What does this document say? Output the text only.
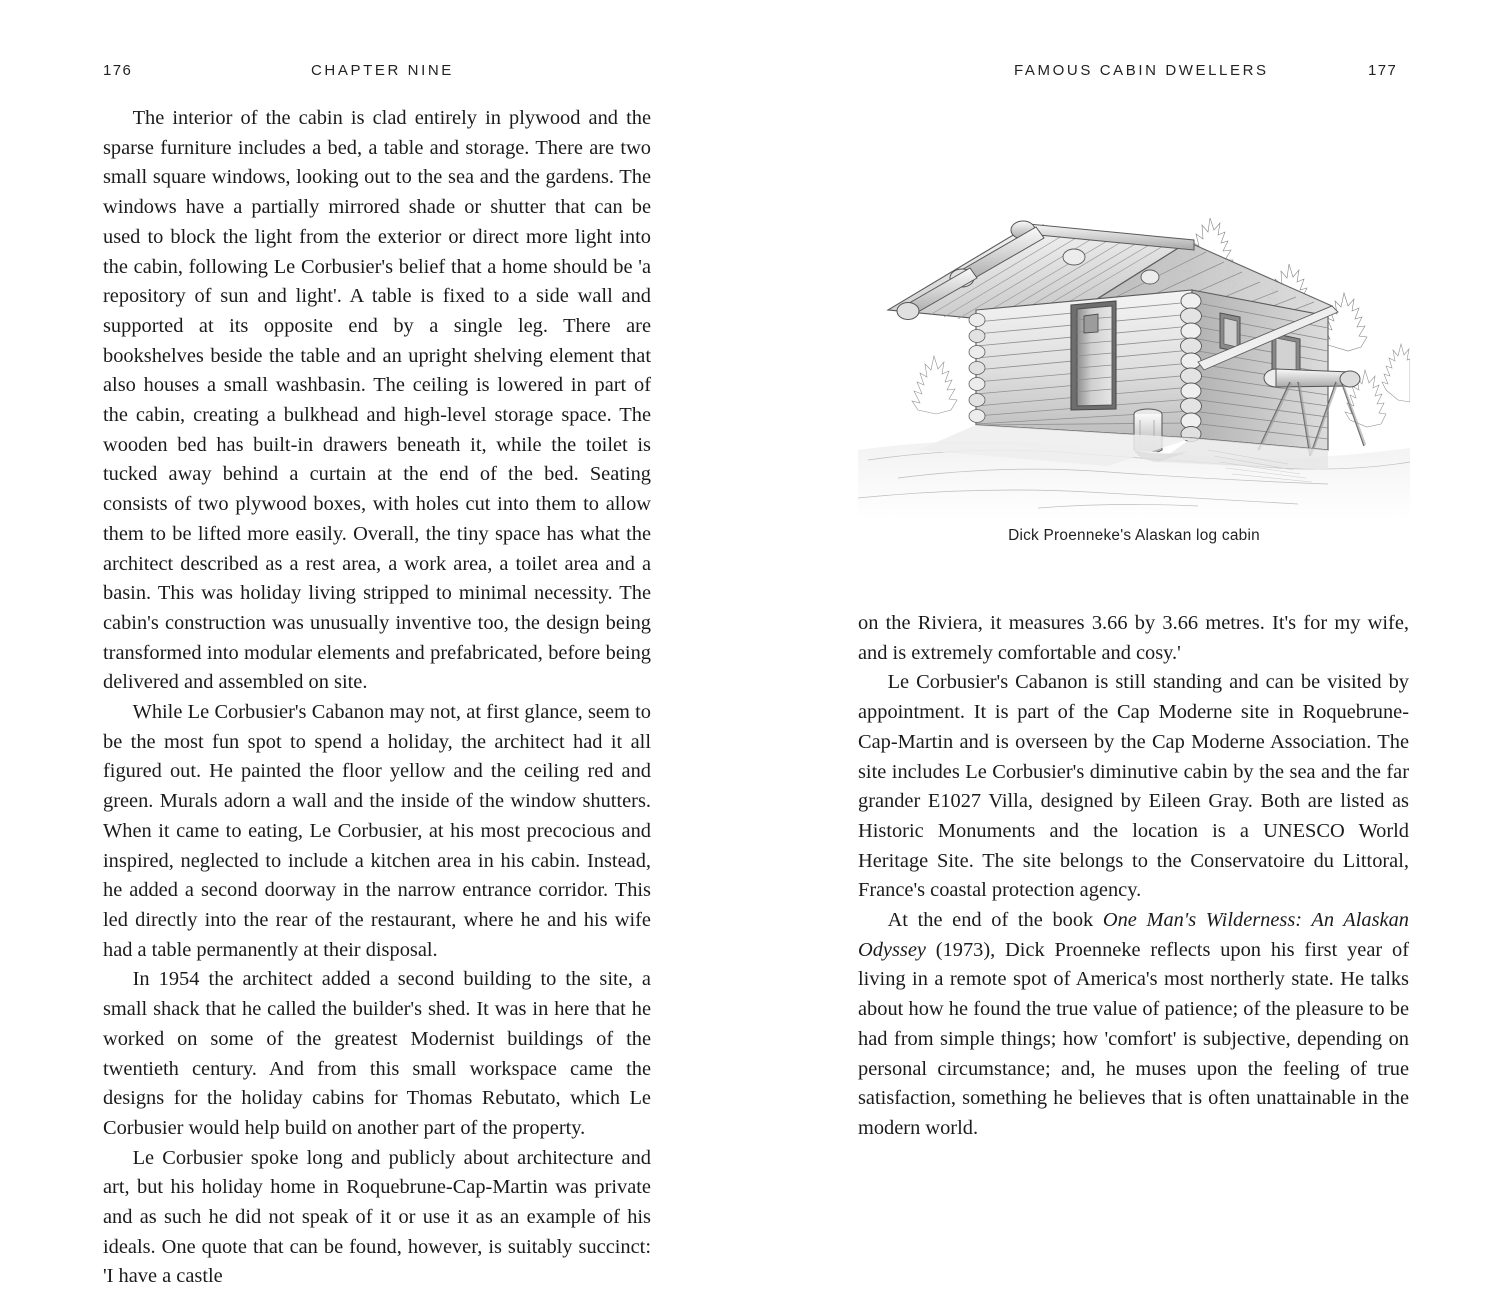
176	CHAPTER NINE	FAMOUS CABIN DWELLERS	177

The interior of the cabin is clad entirely in plywood and the sparse furniture includes a bed, a table and storage. There are two small square windows, looking out to the sea and the gardens. The windows have a partially mirrored shade or shutter that can be used to block the light from the exterior or direct more light into the cabin, following Le Corbusier's belief that a home should be 'a repository of sun and light'. A table is fixed to a side wall and supported at its opposite end by a single leg. There are bookshelves beside the table and an upright shelving element that also houses a small washbasin. The ceiling is lowered in part of the cabin, creating a bulkhead and high-level storage space. The wooden bed has built-in drawers beneath it, while the toilet is tucked away behind a curtain at the end of the bed. Seating consists of two plywood boxes, with holes cut into them to allow them to be lifted more easily. Overall, the tiny space has what the architect described as a rest area, a work area, a toilet area and a basin. This was holiday living stripped to minimal necessity. The cabin's construction was unusually inventive too, the design being transformed into modular elements and prefabricated, before being delivered and assembled on site.

While Le Corbusier's Cabanon may not, at first glance, seem to be the most fun spot to spend a holiday, the architect had it all figured out. He painted the floor yellow and the ceiling red and green. Murals adorn a wall and the inside of the window shutters. When it came to eating, Le Corbusier, at his most precocious and inspired, neglected to include a kitchen area in his cabin. Instead, he added a second doorway in the narrow entrance corridor. This led directly into the rear of the restaurant, where he and his wife had a table permanently at their disposal.

In 1954 the architect added a second building to the site, a small shack that he called the builder's shed. It was in here that he worked on some of the greatest Modernist buildings of the twentieth century. And from this small workspace came the designs for the holiday cabins for Thomas Rebutato, which Le Corbusier would help build on another part of the property.

Le Corbusier spoke long and publicly about architecture and art, but his holiday home in Roquebrune-Cap-Martin was private and as such he did not speak of it or use it as an example of his ideals. One quote that can be found, however, is suitably succinct: 'I have a castle

Dick Proenneke's Alaskan log cabin

on the Riviera, it measures 3.66 by 3.66 metres. It's for my wife, and is extremely comfortable and cosy.'

Le Corbusier's Cabanon is still standing and can be visited by appointment. It is part of the Cap Moderne site in Roquebrune-Cap-Martin and is overseen by the Cap Moderne Association. The site includes Le Corbusier's diminutive cabin by the sea and the far grander E1027 Villa, designed by Eileen Gray. Both are listed as Historic Monuments and the location is a UNESCO World Heritage Site. The site belongs to the Conservatoire du Littoral, France's coastal protection agency.

At the end of the book One Man's Wilderness: An Alaskan Odyssey (1973), Dick Proenneke reflects upon his first year of living in a remote spot of America's most northerly state. He talks about how he found the true value of patience; of the pleasure to be had from simple things; how 'comfort' is subjective, depending on personal circumstance; and, he muses upon the feeling of true satisfaction, something he believes that is often unattainable in the modern world.
